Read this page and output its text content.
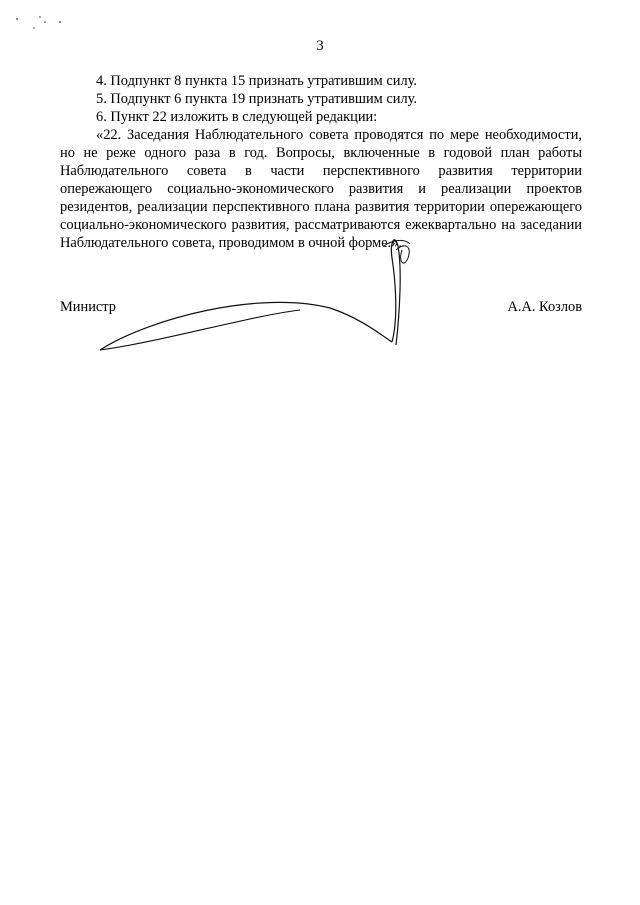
3

4. Подпункт 8 пункта 15 признать утратившим силу.

5. Подпункт 6 пункта 19 признать утратившим силу.

6. Пункт 22 изложить в следующей редакции:

«22. Заседания Наблюдательного совета проводятся по мере необходимости, но не реже одного раза в год. Вопросы, включенные в годовой план работы Наблюдательного совета в части перспективного развития территории опережающего социально-экономического развития и реализации проектов резидентов, реализации перспективного плана развития территории опережающего социально-экономического развития, рассматриваются ежеквартально на заседании Наблюдательного совета, проводимом в очной форме.».

Министр	А.А. Козлов
